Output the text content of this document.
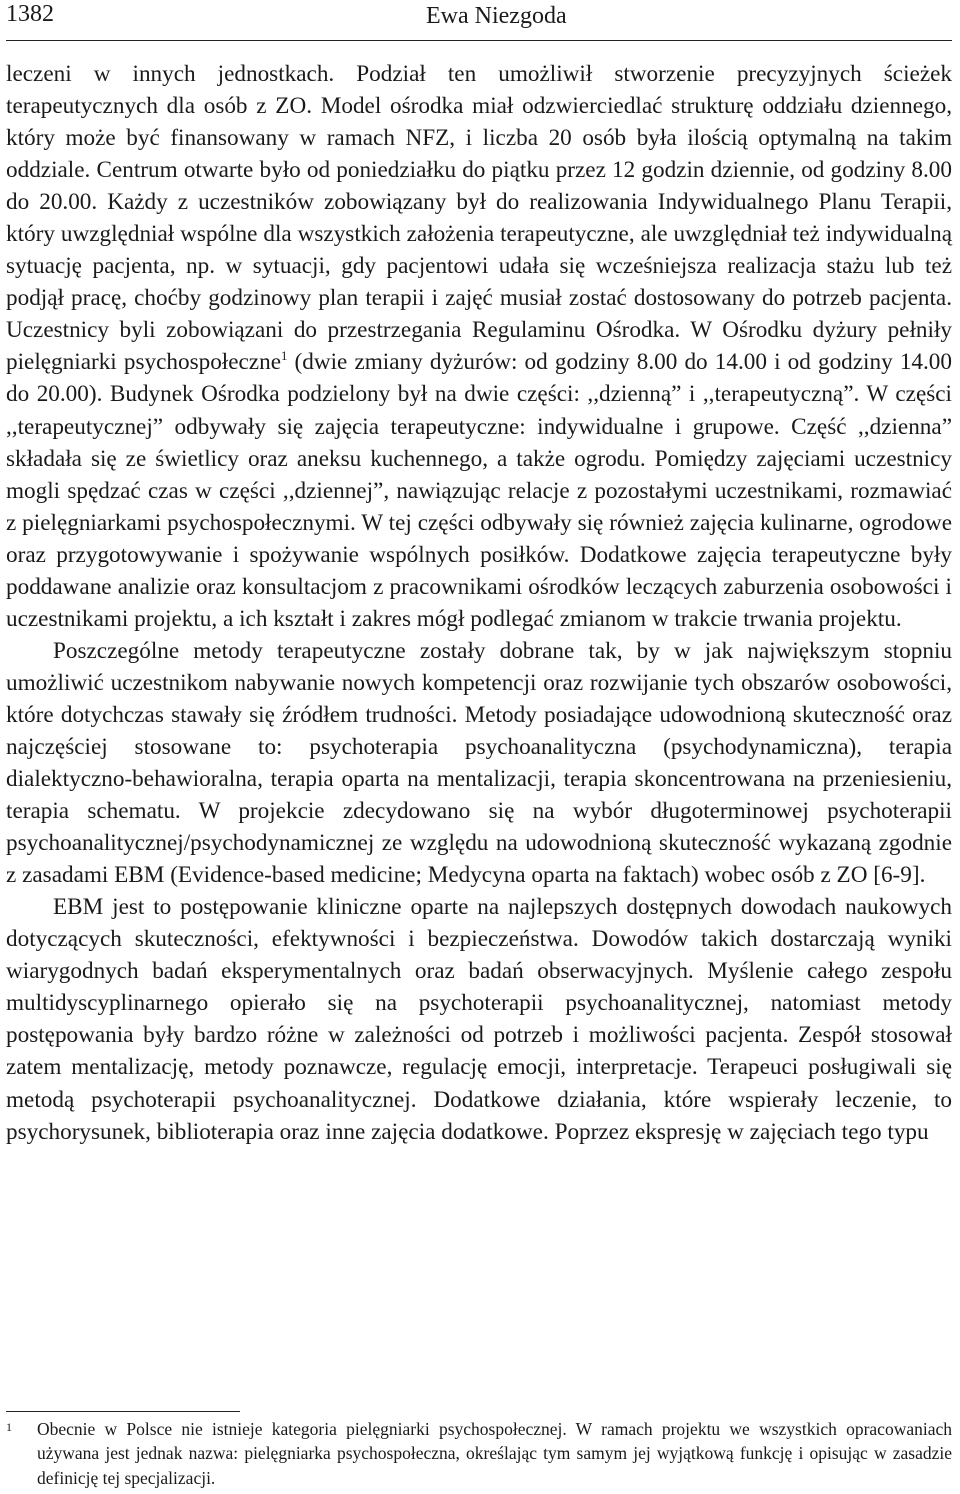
1382	Ewa Niezgoda

leczeni w innych jednostkach. Podział ten umożliwił stworzenie precyzyjnych ścieżek terapeutycznych dla osób z ZO. Model ośrodka miał odzwierciedlać strukturę oddziału dziennego, który może być finansowany w ramach NFZ, i liczba 20 osób była ilością optymalną na takim oddziale. Centrum otwarte było od poniedziałku do piątku przez 12 godzin dziennie, od godziny 8.00 do 20.00. Każdy z uczestników zobowiązany był do realizowania Indywidualnego Planu Terapii, który uwzględniał wspólne dla wszystkich założenia terapeutyczne, ale uwzględniał też indywidualną sytuację pacjenta, np. w sytuacji, gdy pacjentowi udała się wcześniejsza realizacja stażu lub też podjął pracę, choćby godzinowy plan terapii i zajęć musiał zostać dostosowany do potrzeb pacjenta. Uczestnicy byli zobowiązani do przestrzegania Regulaminu Ośrodka. W Ośrodku dyżury pełniły pielęgniarki psychospołeczne$^1$ (dwie zmiany dyżurów: od godziny 8.00 do 14.00 i od godziny 14.00 do 20.00). Budynek Ośrodka podzielony był na dwie części: ,,dzienną” i ,,terapeutyczną”. W części ,,terapeutycznej” odbywały się zajęcia terapeutyczne: indywidualne i grupowe. Część ,,dzienna” składała się ze świetlicy oraz aneksu kuchennego, a także ogrodu. Pomiędzy zajęciami uczestnicy mogli spędzać czas w części ,,dziennej”, nawiązując relacje z pozostałymi uczestnikami, rozmawiać z pielęgniarkami psychospołecznymi. W tej części odbywały się również zajęcia kulinarne, ogrodowe oraz przygotowywanie i spożywanie wspólnych posiłków. Dodatkowe zajęcia terapeutyczne były poddawane analizie oraz konsultacjom z pracownikami ośrodków leczących zaburzenia osobowości i uczestnikami projektu, a ich kształt i zakres mógł podlegać zmianom w trakcie trwania projektu.

Poszczególne metody terapeutyczne zostały dobrane tak, by w jak największym stopniu umożliwić uczestnikom nabywanie nowych kompetencji oraz rozwijanie tych obszarów osobowości, które dotychczas stawały się źródłem trudności. Metody posiadające udowodnioną skuteczność oraz najczęściej stosowane to: psychoterapia psychoanalityczna (psychodynamiczna), terapia dialektyczno-behawioralna, terapia oparta na mentalizacji, terapia skoncentrowana na przeniesieniu, terapia schematu. W projekcie zdecydowano się na wybór długoterminowej psychoterapii psychoanalitycznej/psychodynamicznej ze względu na udowodnioną skuteczność wykazaną zgodnie z zasadami EBM (Evidence-based medicine; Medycyna oparta na faktach) wobec osób z ZO [6-9].

EBM jest to postępowanie kliniczne oparte na najlepszych dostępnych dowodach naukowych dotyczących skuteczności, efektywności i bezpieczeństwa. Dowodów takich dostarczają wyniki wiarygodnych badań eksperymentalnych oraz badań obserwacyjnych. Myślenie całego zespołu multidyscyplinarnego opierało się na psychoterapii psychoanalitycznej, natomiast metody postępowania były bardzo różne w zależności od potrzeb i możliwości pacjenta. Zespół stosował zatem mentalizację, metody poznawcze, regulację emocji, interpretacje. Terapeuci posługiwali się metodą psychoterapii psychoanalitycznej. Dodatkowe działania, które wspierały leczenie, to psychorysunek, biblioterapia oraz inne zajęcia dodatkowe. Poprzez ekspresję w zajęciach tego typu

1	Obecnie w Polsce nie istnieje kategoria pielęgniarki psychospołecznej. W ramach projektu we wszystkich opracowaniach używana jest jednak nazwa: pielęgniarka psychospołeczna, określając tym samym jej wyjątkową funkcję i opisując w zasadzie definicję tej specjalizacji.
